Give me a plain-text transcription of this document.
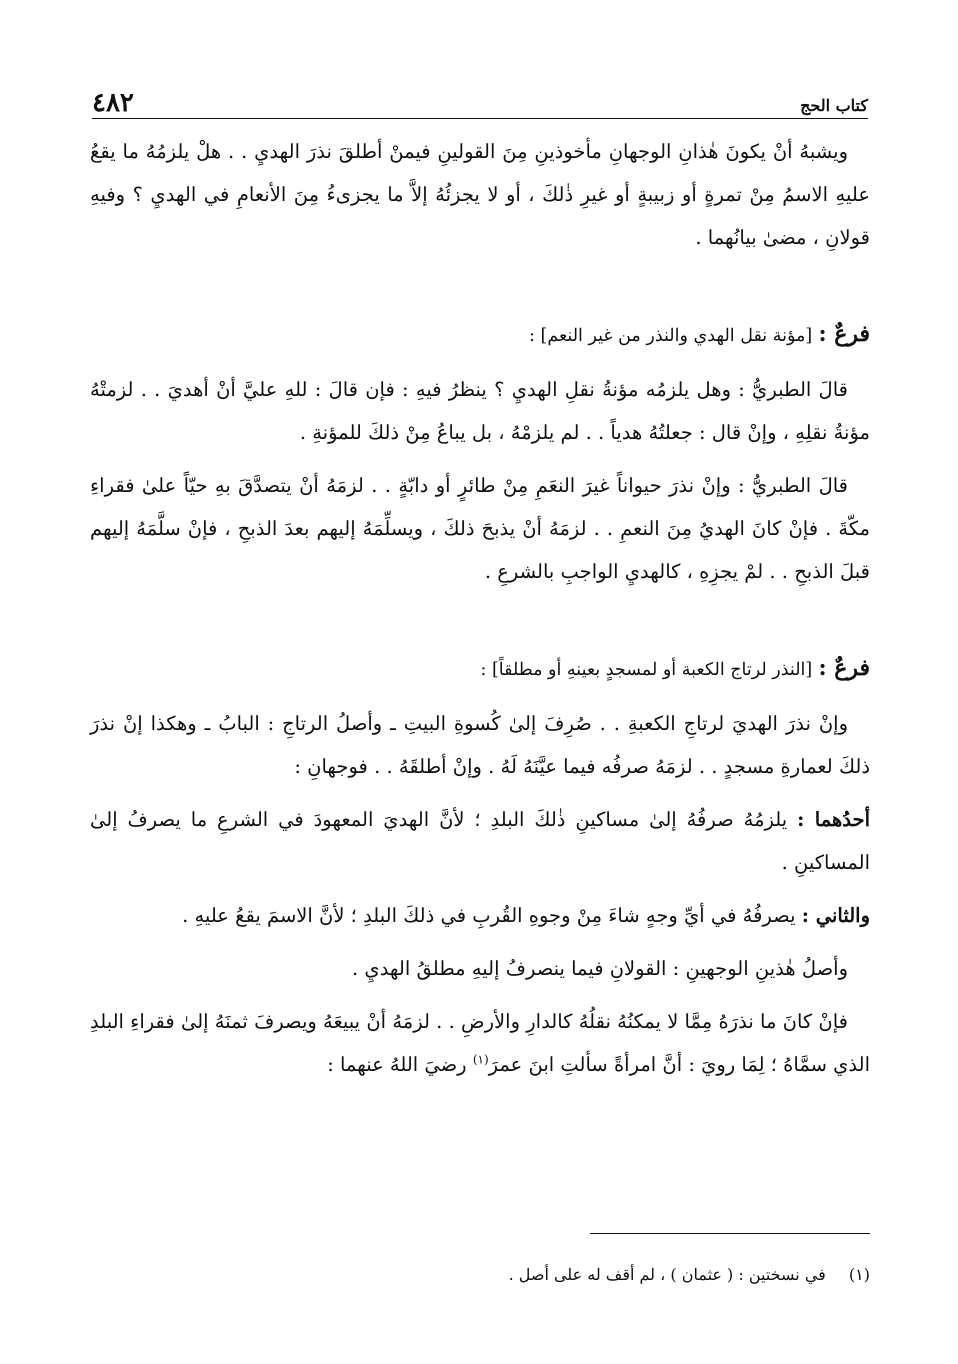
كتاب الحج
٤٨٢

ويشبهُ أنْ يكونَ هٰذانِ الوجهانِ مأخوذينِ مِنَ القولينِ فيمنْ أطلقَ نذرَ الهديِ . . هلْ يلزمُهُ ما يقعُ عليهِ الاسمُ مِنْ تمرةٍ أو زبيبةٍ أو غيرِ ذٰلكَ ، أو لا يجزئُهُ إلاَّ ما يجزىءُ مِنَ الأنعامِ في الهديِ ؟ وفيهِ قولانِ ، مضىٰ بيانُهما .

فرعٌ : [مؤنة نقل الهدي والنذر من غير النعم] :

قالَ الطبريُّ : وهل يلزمُه مؤنةُ نقلِ الهديِ ؟ ينظرُ فيهِ : فإن قالَ : للهِ عليَّ أنْ أهديَ . . لزمتْهُ مؤنةُ نقلِهِ ، وإنْ قال : جعلتُهُ هدياً . . لم يلزمْهُ ، بل يباعُ مِنْ ذلكَ للمؤنةِ .

قالَ الطبريُّ : وإنْ نذرَ حيواناً غيرَ النعَمِ مِنْ طائرٍ أو دابّةٍ . . لزمَهُ أنْ يتصدَّقَ بهِ حيّاً علىٰ فقراءِ مكّةَ . فإنْ كانَ الهديُ مِنَ النعمِ . . لزمَهُ أنْ يذبحَ ذلكَ ، ويسلِّمَهُ إليهم بعدَ الذبحِ ، فإنْ سلَّمَهُ إليهم قبلَ الذبحِ . . لمْ يجزِهِ ، كالهديِ الواجبِ بالشرعِ .

فرعٌ : [النذر لرتاج الكعبة أو لمسجدٍ بعينهِ أو مطلقاً] :

وإنْ نذرَ الهديَ لرتاجِ الكعبةِ . . صُرِفَ إلىٰ كُسوةِ البيتِ ـ وأصلُ الرتاجِ : البابُ ـ وهكذا إنْ نذرَ ذلكَ لعمارةِ مسجدٍ . . لزمَهُ صرفُه فيما عيَّنَهُ لَهُ . وإنْ أطلقَهُ . . فوجهانِ :

أحدُهما : يلزمُهُ صرفُهُ إلىٰ مساكينِ ذٰلكَ البلدِ ؛ لأنَّ الهديَ المعهودَ في الشرعِ ما يصرفُ إلىٰ المساكينِ .

والثاني : يصرفُهُ في أيِّ وجهٍ شاءَ مِنْ وجوهِ القُربِ في ذلكَ البلدِ ؛ لأنَّ الاسمَ يقعُ عليهِ .

وأصلُ هٰذينِ الوجهينِ : القولانِ فيما ينصرفُ إليهِ مطلقُ الهديِ .

فإنْ كانَ ما نذرَهُ مِمَّا لا يمكنُهُ نقلُهُ كالدارِ والأرضِ . . لزمَهُ أنْ يبيعَهُ ويصرفَ ثمنَهُ إلىٰ فقراءِ البلدِ الذي سمَّاهُ ؛ لِمَا رويَ : أنَّ امرأةً سألتِ ابنَ عمرَ$^{(١)}$ رضيَ اللهُ عنهما :

(١) في نسختين : ( عثمان ) ، لم أقف له على أصل .
